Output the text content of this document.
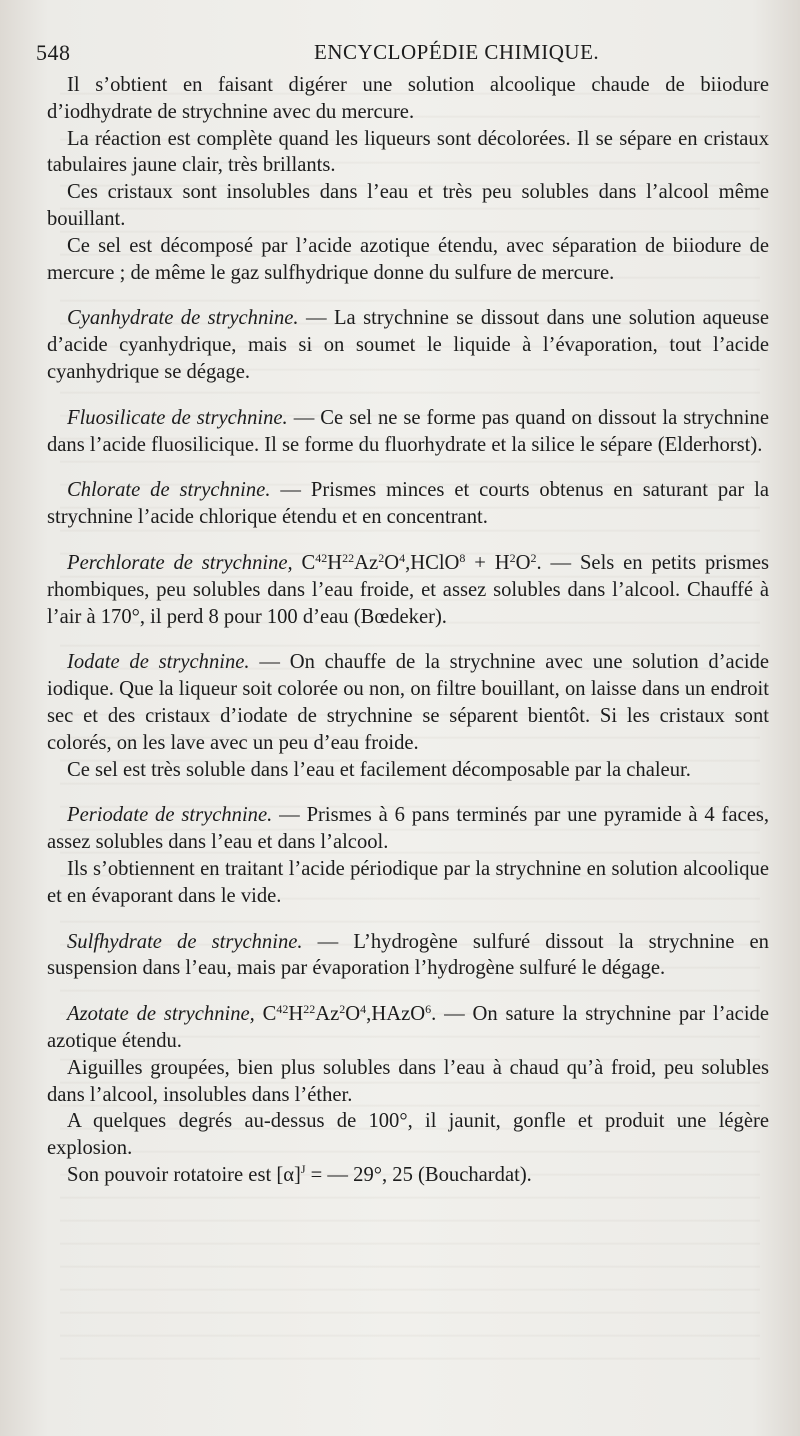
548	ENCYCLOPÉDIE CHIMIQUE.

Il s’obtient en faisant digérer une solution alcoolique chaude de biiodure d’iodhydrate de strychnine avec du mercure.

La réaction est complète quand les liqueurs sont décolorées. Il se sépare en cristaux tabulaires jaune clair, très brillants.

Ces cristaux sont insolubles dans l’eau et très peu solubles dans l’alcool même bouillant.

Ce sel est décomposé par l’acide azotique étendu, avec séparation de biiodure de mercure ; de même le gaz sulfhydrique donne du sulfure de mercure.

Cyanhydrate de strychnine. — La strychnine se dissout dans une solution aqueuse d’acide cyanhydrique, mais si on soumet le liquide à l’évaporation, tout l’acide cyanhydrique se dégage.

Fluosilicate de strychnine. — Ce sel ne se forme pas quand on dissout la strychnine dans l’acide fluosilicique. Il se forme du fluorhydrate et la silice le sépare (Elderhorst).

Chlorate de strychnine. — Prismes minces et courts obtenus en saturant par la strychnine l’acide chlorique étendu et en concentrant.

Perchlorate de strychnine, $C^{42}H^{22}Az^2O^4,HClO^8 + H^2O^2$. — Sels en petits prismes rhombiques, peu solubles dans l’eau froide, et assez solubles dans l’alcool. Chauffé à l’air à 170°, il perd 8 pour 100 d’eau (Bœdeker).

Iodate de strychnine. — On chauffe de la strychnine avec une solution d’acide iodique. Que la liqueur soit colorée ou non, on filtre bouillant, on laisse dans un endroit sec et des cristaux d’iodate de strychnine se séparent bientôt. Si les cristaux sont colorés, on les lave avec un peu d’eau froide.

Ce sel est très soluble dans l’eau et facilement décomposable par la chaleur.

Periodate de strychnine. — Prismes à 6 pans terminés par une pyramide à 4 faces, assez solubles dans l’eau et dans l’alcool.

Ils s’obtiennent en traitant l’acide périodique par la strychnine en solution alcoolique et en évaporant dans le vide.

Sulfhydrate de strychnine. — L’hydrogène sulfuré dissout la strychnine en suspension dans l’eau, mais par évaporation l’hydrogène sulfuré le dégage.

Azotate de strychnine, $C^{42}H^{22}Az^2O^4,HAzO^6$. — On sature la strychnine par l’acide azotique étendu.

Aiguilles groupées, bien plus solubles dans l’eau à chaud qu’à froid, peu solubles dans l’alcool, insolubles dans l’éther.

A quelques degrés au-dessus de 100°, il jaunit, gonfle et produit une légère explosion.

Son pouvoir rotatoire est $[\alpha]^J$ = — 29°, 25 (Bouchardat).
